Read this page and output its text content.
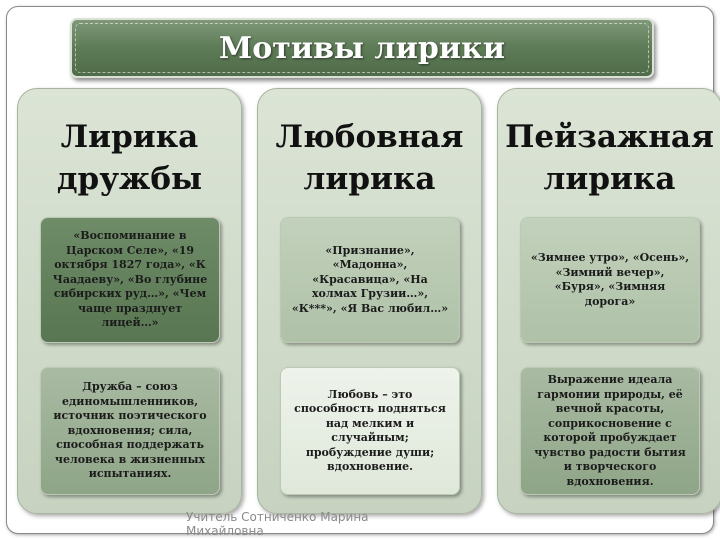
Мотивы лирики
Лирика дружбы
«Воспоминание в Царском Селе», «19 октября 1827 года», «К Чаадаеву», «Во глубине сибирских руд…», «Чем чаще празднует лицей…»
Дружба – союз единомышленников, источник поэтического вдохновения; сила, способная поддержать человека в жизненных испытаниях.
Любовная лирика
«Признание», «Мадонна», «Красавица», «На холмах Грузии…», «К***», «Я Вас любил…»
Любовь – это способность подняться над мелким и случайным; пробуждение души; вдохновение.
Пейзажная лирика
«Зимнее утро», «Осень», «Зимний вечер», «Буря», «Зимняя дорога»
Выражение идеала гармонии природы, её вечной красоты, соприкосновение с которой пробуждает чувство радости бытия и творческого вдохновения.
Учитель Сотниченко Марина Михайловна
